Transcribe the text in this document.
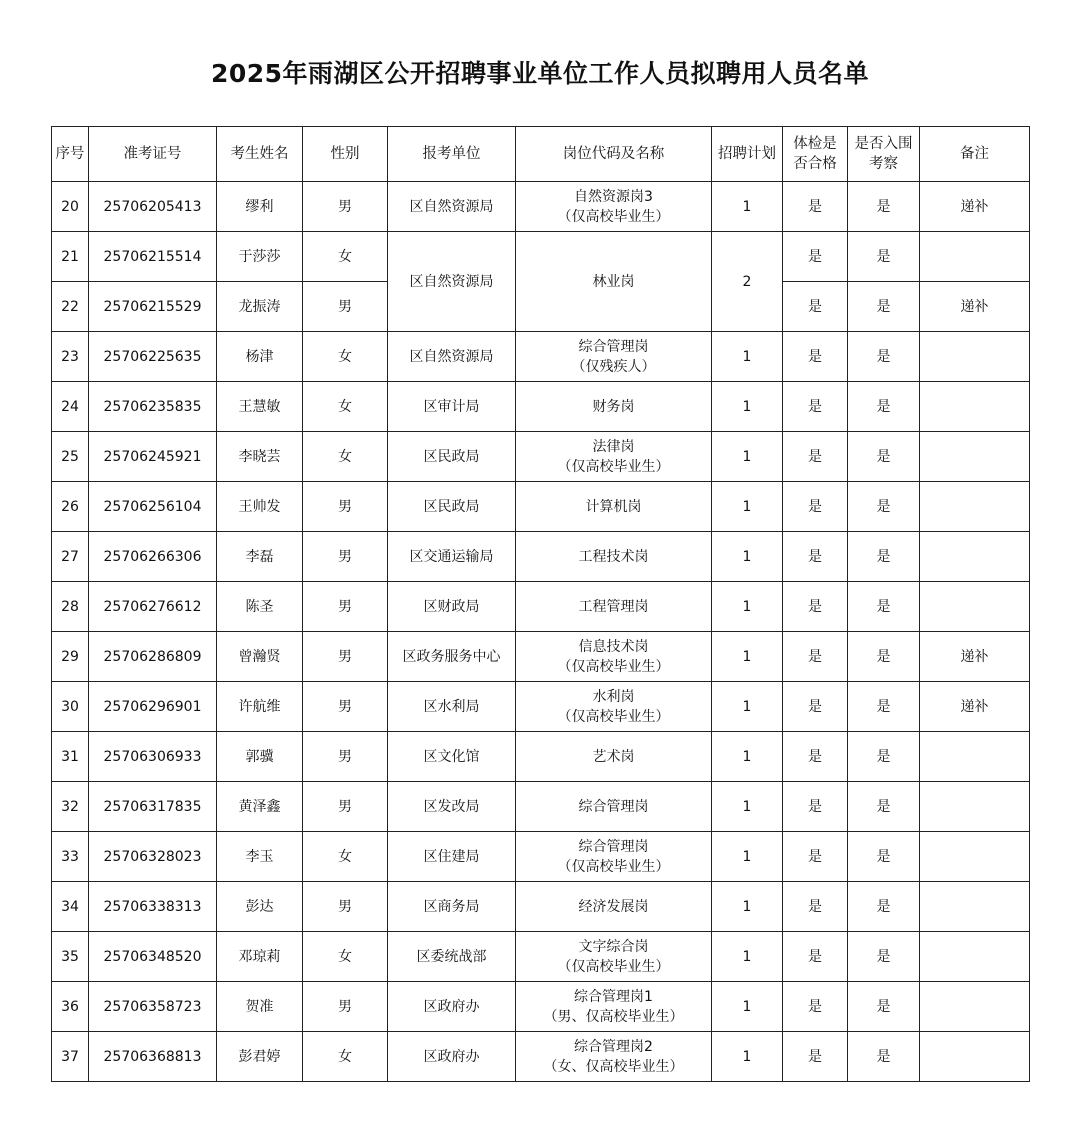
2025年雨湖区公开招聘事业单位工作人员拟聘用人员名单
序号	准考证号	考生姓名	性别	报考单位	岗位代码及名称	招聘计划	体检是
否合格	是否入围
考察	备注
20	25706205413	缪利	男	区自然资源局	自然资源岗3
（仅高校毕业生）	1	是	是	递补
21	25706215514	于莎莎	女	区自然资源局	林业岗	2	是	是	
22	25706215529	龙振涛	男				是	是	递补
23	25706225635	杨津	女	区自然资源局	综合管理岗
（仅残疾人）	1	是	是	
24	25706235835	王慧敏	女	区审计局	财务岗	1	是	是	
25	25706245921	李晓芸	女	区民政局	法律岗
（仅高校毕业生）	1	是	是	
26	25706256104	王帅发	男	区民政局	计算机岗	1	是	是	
27	25706266306	李磊	男	区交通运输局	工程技术岗	1	是	是	
28	25706276612	陈圣	男	区财政局	工程管理岗	1	是	是	
29	25706286809	曾瀚贤	男	区政务服务中心	信息技术岗
（仅高校毕业生）	1	是	是	递补
30	25706296901	许航维	男	区水利局	水利岗
（仅高校毕业生）	1	是	是	递补
31	25706306933	郭骥	男	区文化馆	艺术岗	1	是	是	
32	25706317835	黄泽鑫	男	区发改局	综合管理岗	1	是	是	
33	25706328023	李玉	女	区住建局	综合管理岗
（仅高校毕业生）	1	是	是	
34	25706338313	彭达	男	区商务局	经济发展岗	1	是	是	
35	25706348520	邓琼莉	女	区委统战部	文字综合岗
（仅高校毕业生）	1	是	是	
36	25706358723	贺准	男	区政府办	综合管理岗1
（男、仅高校毕业生）	1	是	是	
37	25706368813	彭君婷	女	区政府办	综合管理岗2
（女、仅高校毕业生）	1	是	是	
